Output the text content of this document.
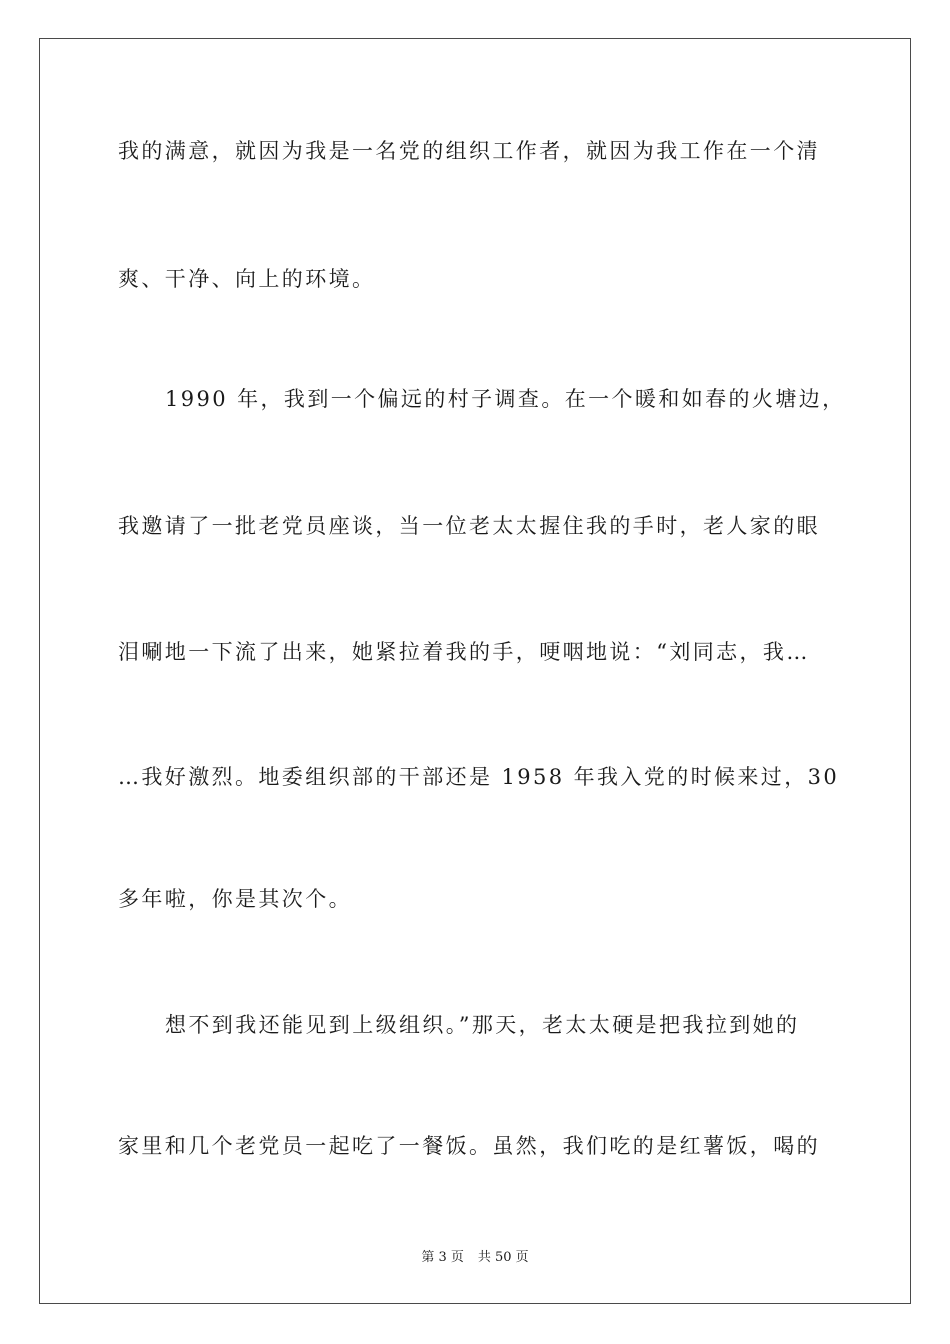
我的满意，就因为我是一名党的组织工作者，就因为我工作在一个清
爽、干净、向上的环境。
1990 年，我到一个偏远的村子调查。在一个暖和如春的火塘边，
我邀请了一批老党员座谈，当一位老太太握住我的手时，老人家的眼
泪唰地一下流了出来，她紧拉着我的手，哽咽地说：“刘同志，我…
…我好激烈。地委组织部的干部还是 1958 年我入党的时候来过，30
多年啦，你是其次个。
想不到我还能见到上级组织。”那天，老太太硬是把我拉到她的
家里和几个老党员一起吃了一餐饭。虽然，我们吃的是红薯饭，喝的
第 3 页 共 50 页
